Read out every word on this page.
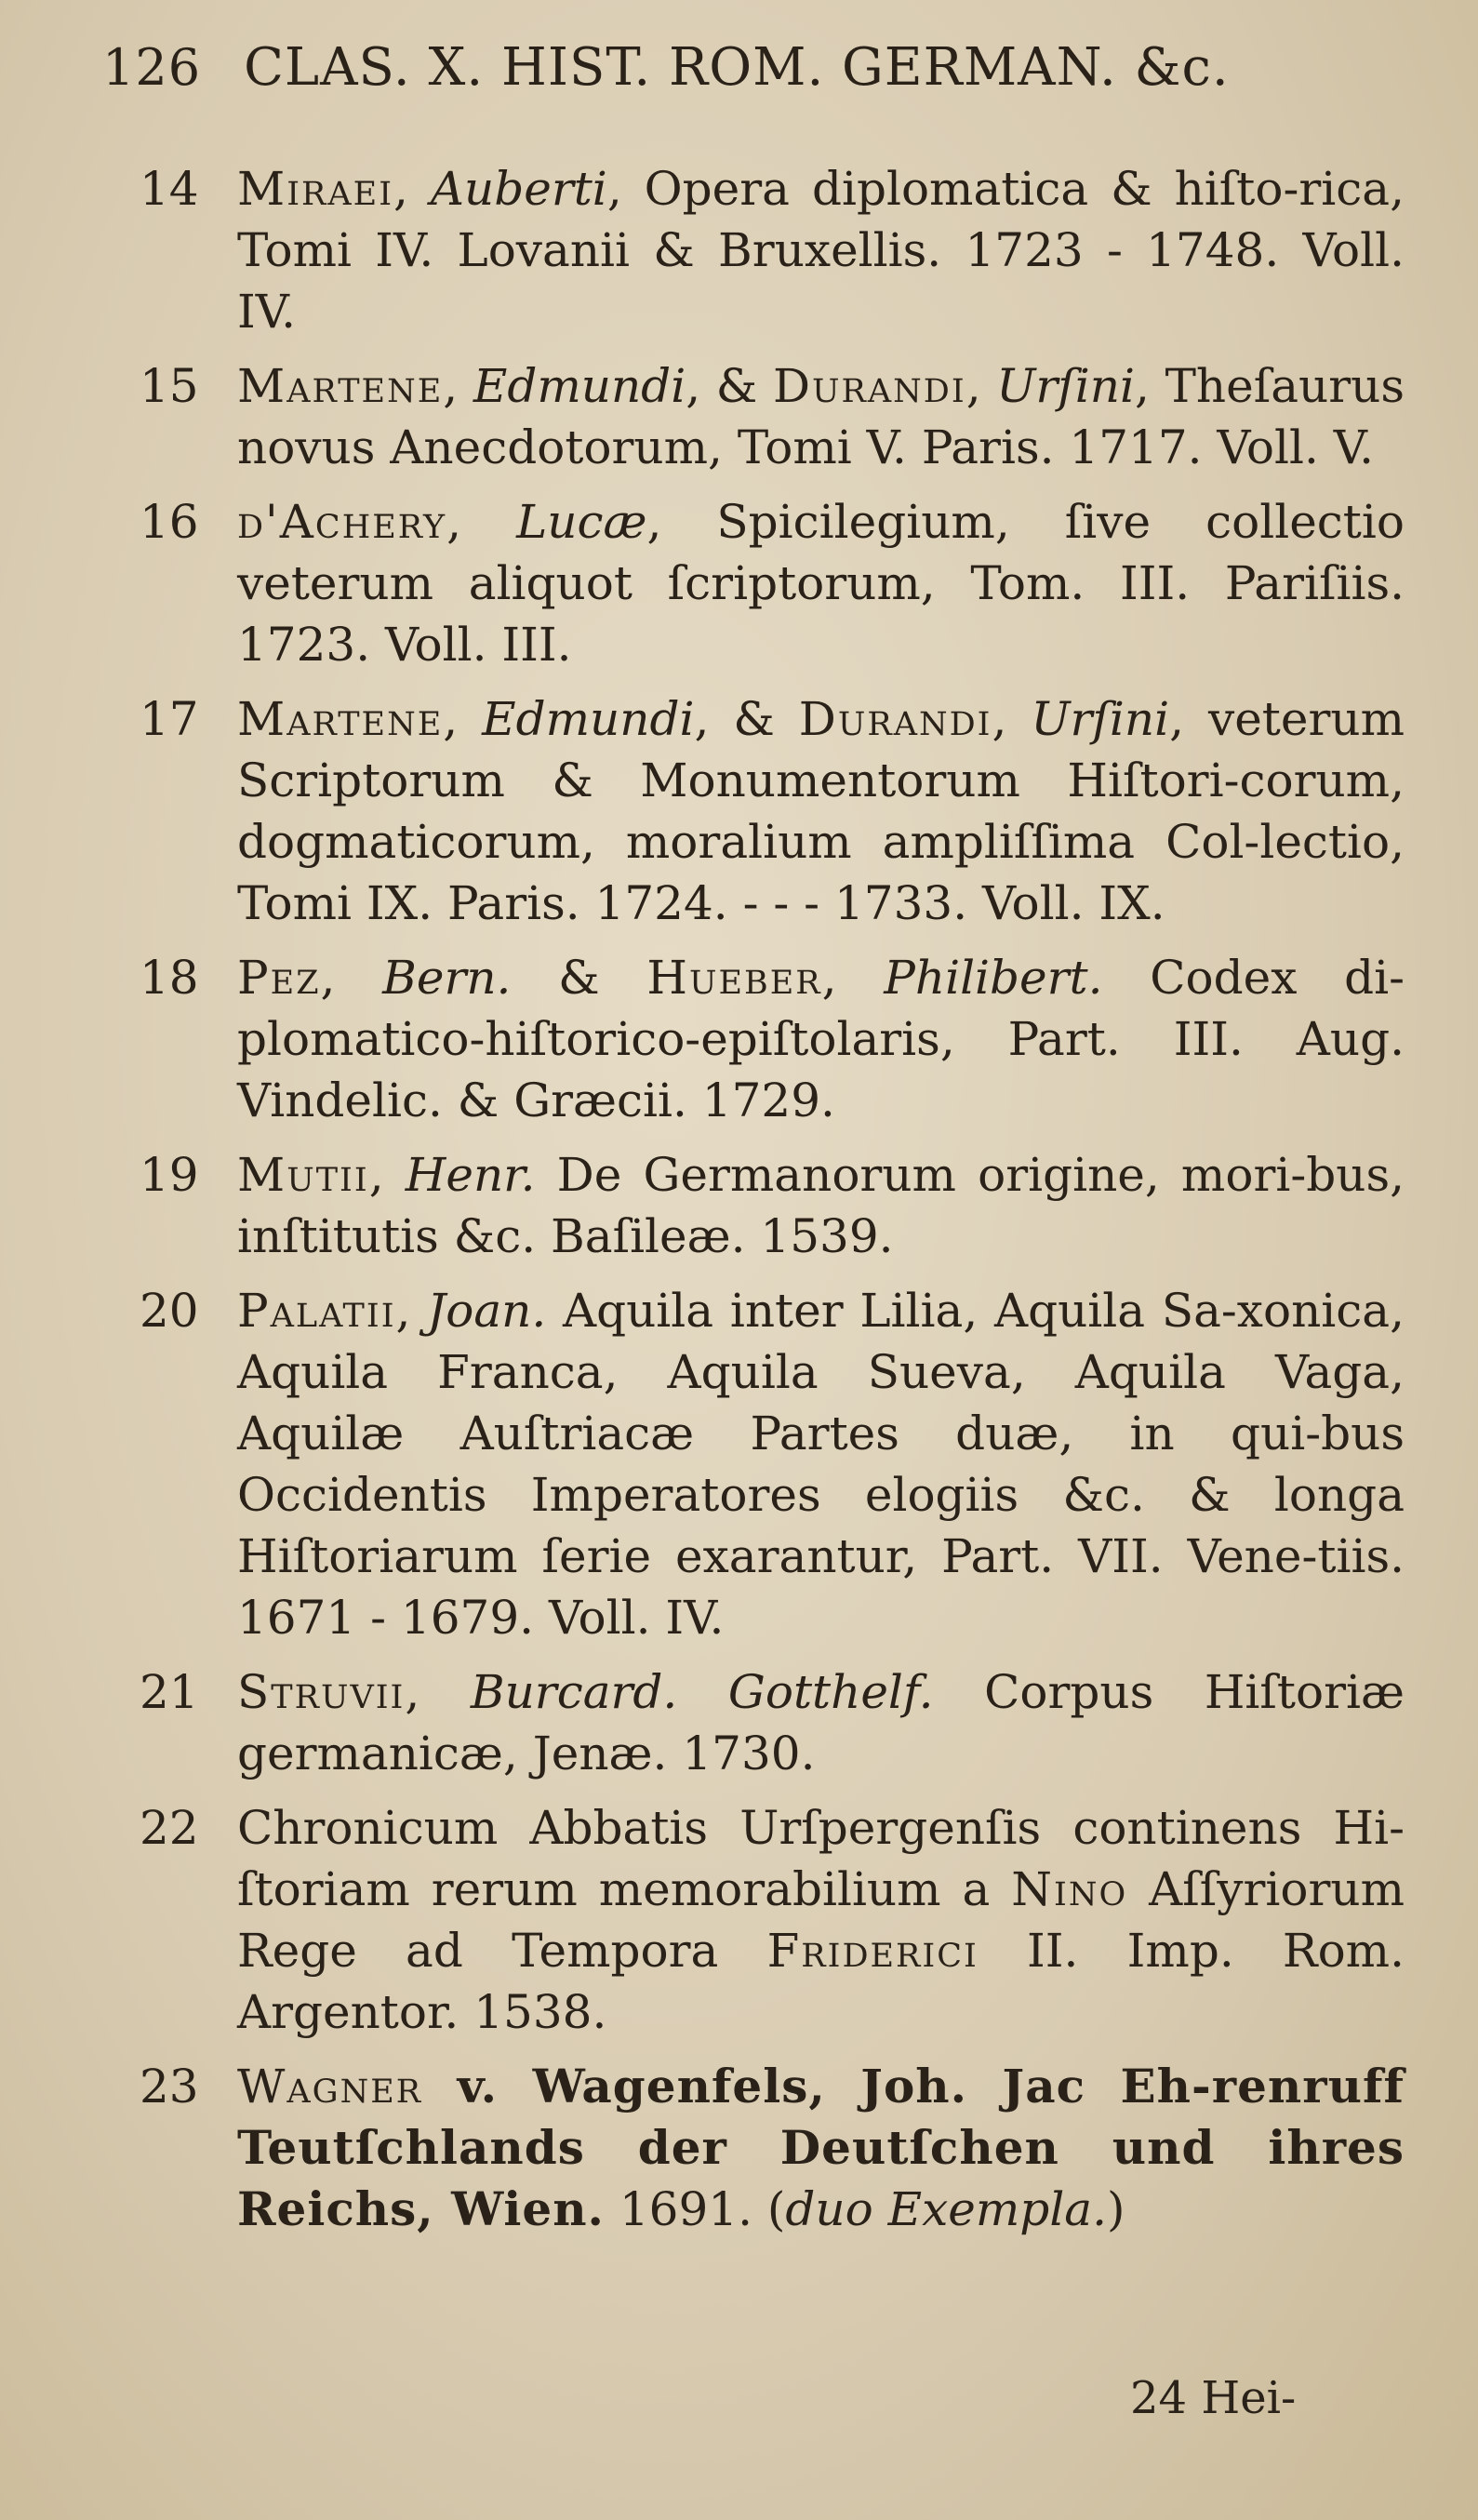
126 CLAS. X. HIST. ROM. GERMAN. &c.
14 Miraei, Auberti, Opera diplomatica & hiſto-rica, Tomi IV. Lovanii & Bruxellis. 1723 - 1748. Voll. IV.
15 Martene, Edmundi, & Durandi, Urſini, Theſaurus novus Anecdotorum, Tomi V. Paris. 1717. Voll. V.
16 d'Achery, Lucæ, Spicilegium, ſive collectio veterum aliquot ſcriptorum, Tom. III. Pariſiis. 1723. Voll. III.
17 Martene, Edmundi, & Durandi, Urſini, veterum Scriptorum & Monumentorum Hiſtori-corum, dogmaticorum, moralium ampliſſima Col-lectio, Tomi IX. Paris. 1724. - - - 1733. Voll. IX.
18 Pez, Bern. & Hueber, Philibert. Codex di-plomatico-hiſtorico-epiſtolaris, Part. III. Aug. Vindelic. & Græcii. 1729.
19 Mutii, Henr. De Germanorum origine, mori-bus, inſtitutis &c. Baſileæ. 1539.
20 Palatii, Joan. Aquila inter Lilia, Aquila Sa-xonica, Aquila Franca, Aquila Sueva, Aquila Vaga, Aquilæ Auſtriacæ Partes duæ, in qui-bus Occidentis Imperatores elogiis &c. & longa Hiſtoriarum ſerie exarantur, Part. VII. Vene-tiis. 1671 - 1679. Voll. IV.
21 Struvii, Burcard. Gotthelf. Corpus Hiſtoriæ germanicæ, Jenæ. 1730.
22 Chronicum Abbatis Urſpergenſis continens Hi-ſtoriam rerum memorabilium a Nino Aſſyriorum Rege ad Tempora Friderici II. Imp. Rom. Argentor. 1538.
23 Wagner v. Wagenfels, Joh. Jac Eh-renruff Teutſchlands der Deutſchen und ihres Reichs, Wien. 1691. (duo Exempla.)
24 Hei-
